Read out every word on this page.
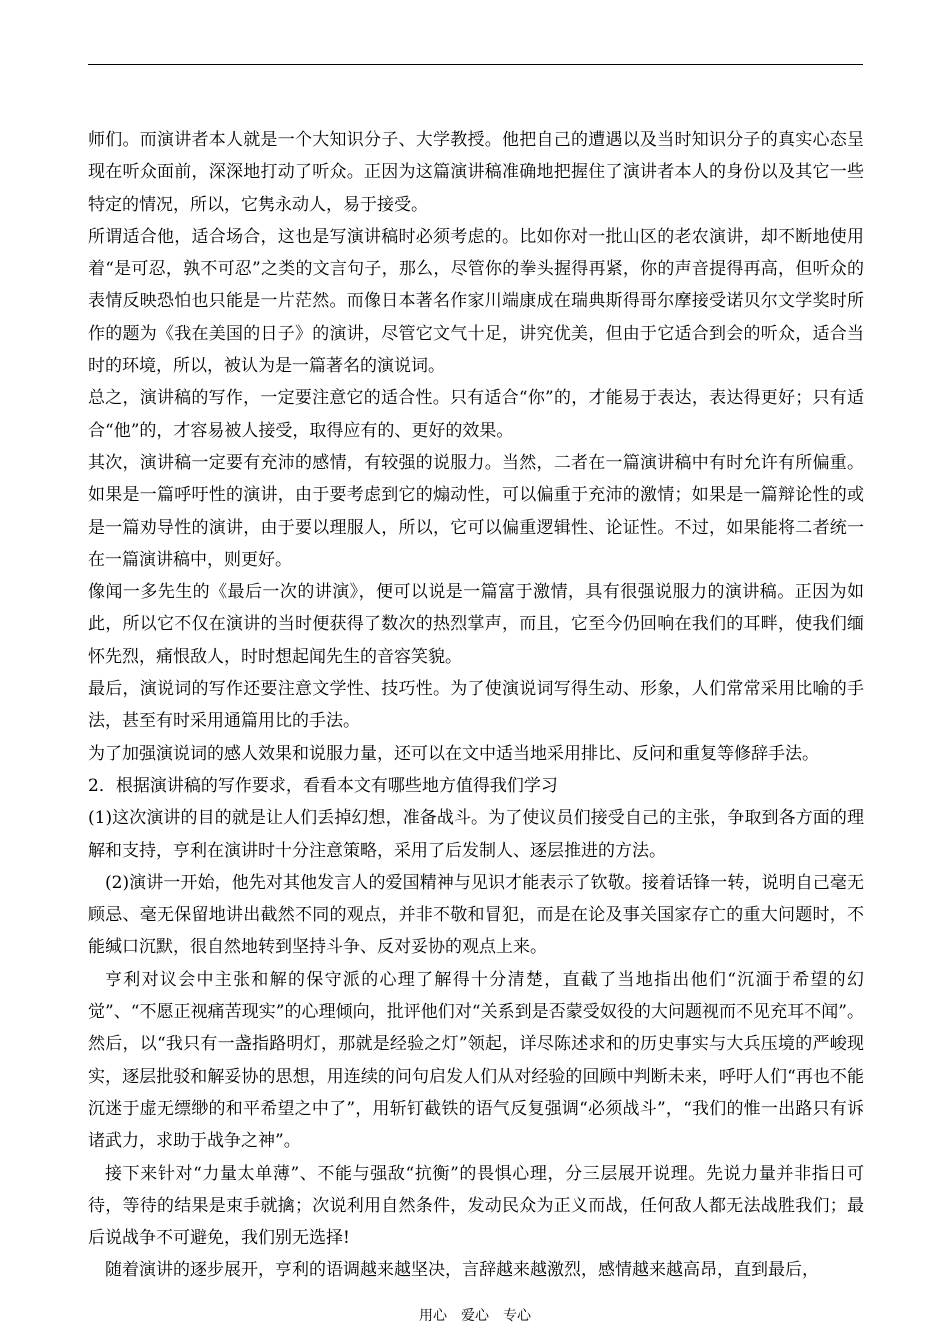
师们。而演讲者本人就是一个大知识分子、大学教授。他把自己的遭遇以及当时知识分子的真实心态呈现在听众面前，深深地打动了听众。正因为这篇演讲稿准确地把握住了演讲者本人的身份以及其它一些特定的情况，所以，它隽永动人，易于接受。

所谓适合他，适合场合，这也是写演讲稿时必须考虑的。比如你对一批山区的老农演讲，却不断地使用着“是可忍，孰不可忍”之类的文言句子，那么，尽管你的拳头握得再紧，你的声音提得再高，但听众的表情反映恐怕也只能是一片茫然。而像日本著名作家川端康成在瑞典斯得哥尔摩接受诺贝尔文学奖时所作的题为《我在美国的日子》的演讲，尽管它文气十足，讲究优美，但由于它适合到会的听众，适合当时的环境，所以，被认为是一篇著名的演说词。

总之，演讲稿的写作，一定要注意它的适合性。只有适合“你”的，才能易于表达，表达得更好；只有适合“他”的，才容易被人接受，取得应有的、更好的效果。

其次，演讲稿一定要有充沛的感情，有较强的说服力。当然，二者在一篇演讲稿中有时允许有所偏重。如果是一篇呼吁性的演讲，由于要考虑到它的煽动性，可以偏重于充沛的激情；如果是一篇辩论性的或是一篇劝导性的演讲，由于要以理服人，所以，它可以偏重逻辑性、论证性。不过，如果能将二者统一在一篇演讲稿中，则更好。

像闻一多先生的《最后一次的讲演》，便可以说是一篇富于激情，具有很强说服力的演讲稿。正因为如此，所以它不仅在演讲的当时便获得了数次的热烈掌声，而且，它至今仍回响在我们的耳畔，使我们缅怀先烈，痛恨敌人，时时想起闻先生的音容笑貌。

最后，演说词的写作还要注意文学性、技巧性。为了使演说词写得生动、形象，人们常常采用比喻的手法，甚至有时采用通篇用比的手法。

为了加强演说词的感人效果和说服力量，还可以在文中适当地采用排比、反问和重复等修辞手法。

2．根据演讲稿的写作要求，看看本文有哪些地方值得我们学习

(1)这次演讲的目的就是让人们丢掉幻想，准备战斗。为了使议员们接受自己的主张，争取到各方面的理解和支持，亨利在演讲时十分注意策略，采用了后发制人、逐层推进的方法。

(2)演讲一开始，他先对其他发言人的爱国精神与见识才能表示了钦敬。接着话锋一转，说明自己毫无顾忌、毫无保留地讲出截然不同的观点，并非不敬和冒犯，而是在论及事关国家存亡的重大问题时，不能缄口沉默，很自然地转到坚持斗争、反对妥协的观点上来。

亨利对议会中主张和解的保守派的心理了解得十分清楚，直截了当地指出他们“沉湎于希望的幻觉”、“不愿正视痛苦现实”的心理倾向，批评他们对“关系到是否蒙受奴役的大问题视而不见充耳不闻”。然后，以“我只有一盏指路明灯，那就是经验之灯”领起，详尽陈述求和的历史事实与大兵压境的严峻现实，逐层批驳和解妥协的思想，用连续的问句启发人们从对经验的回顾中判断未来，呼吁人们“再也不能沉迷于虚无缥缈的和平希望之中了”，用斩钉截铁的语气反复强调“必须战斗”，“我们的惟一出路只有诉诸武力，求助于战争之神”。

接下来针对“力量太单薄”、不能与强敌“抗衡”的畏惧心理，分三层展开说理。先说力量并非指日可待，等待的结果是束手就擒；次说利用自然条件，发动民众为正义而战，任何敌人都无法战胜我们；最后说战争不可避免，我们别无选择!

随着演讲的逐步展开，亨利的语调越来越坚决，言辞越来越激烈，感情越来越高昂，直到最后，

用心　爱心　专心
